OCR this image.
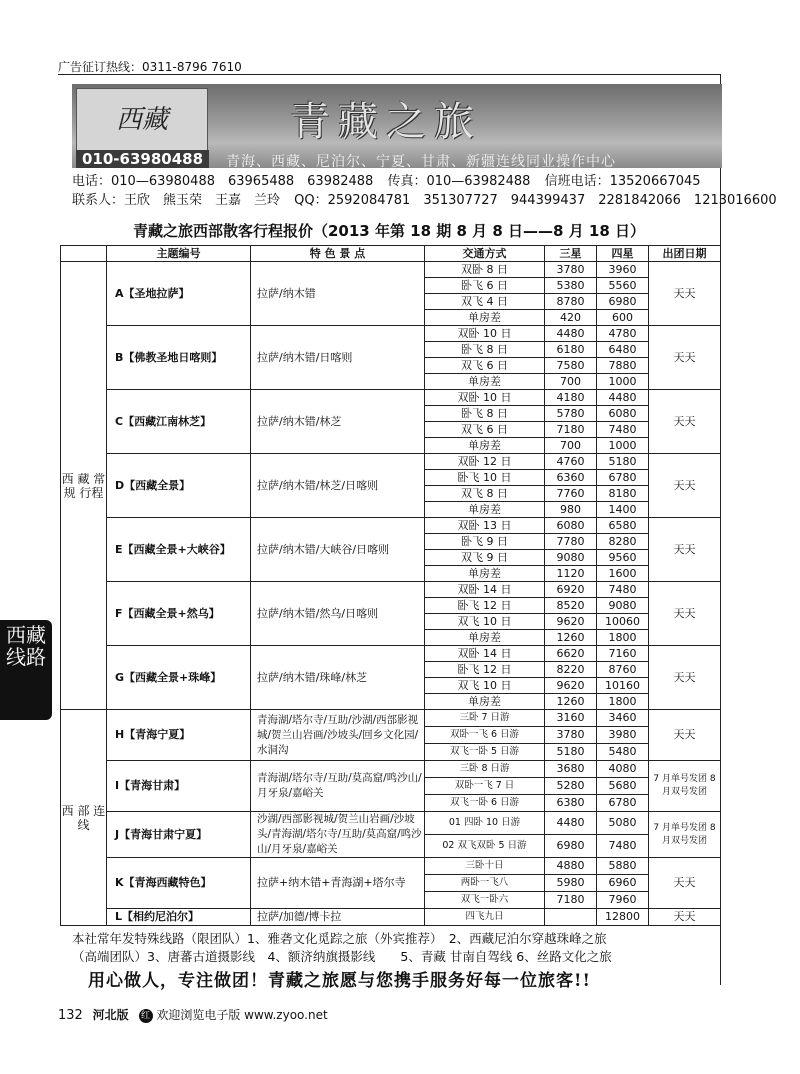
广告征订热线：0311-8796 7610
西藏	青藏之旅
010-63980488	青海、西藏、尼泊尔、宁夏、甘肃、新疆连线同业操作中心
电话：010—63980488　63965488　63982488 传真：010—63982488 信班电话：13520667045
联系人：王欣　熊玉荣　王嘉　兰玲 QQ：2592084781　351307727　944399437　2281842066　1213016600
青藏之旅西部散客行程报价（2013 年第 18 期 8 月 8 日——8 月 18 日）
	主题编号	特 色 景 点	交通方式	三星	四星	出团日期
西 藏 常 规 行程	A【圣地拉萨】	拉萨/纳木错	双卧 8 日	3780	3960	天天
			卧飞 6 日	5380	5560	
			双飞 4 日	8780	6980	
			单房差	420	600	
	B【佛教圣地日喀则】	拉萨/纳木错/日喀则	双卧 10 日	4480	4780	天天
			卧飞 8 日	6180	6480	
			双飞 6 日	7580	7880	
			单房差	700	1000	
	C【西藏江南林芝】	拉萨/纳木错/林芝	双卧 10 日	4180	4480	天天
			卧飞 8 日	5780	6080	
			双飞 6 日	7180	7480	
			单房差	700	1000	
	D【西藏全景】	拉萨/纳木错/林芝/日喀则	双卧 12 日	4760	5180	天天
			卧飞 10 日	6360	6780	
			双飞 8 日	7760	8180	
			单房差	980	1400	
	E【西藏全景+大峡谷】	拉萨/纳木错/大峡谷/日喀则	双卧 13 日	6080	6580	天天
			卧飞 9 日	7780	8280	
			双飞 9 日	9080	9560	
			单房差	1120	1600	
	F【西藏全景+然乌】	拉萨/纳木错/然乌/日喀则	双卧 14 日	6920	7480	天天
			卧飞 12 日	8520	9080	
			双飞 10 日	9620	10060	
			单房差	1260	1800	
	G【西藏全景+珠峰】	拉萨/纳木错/珠峰/林芝	双卧 14 日	6620	7160	天天
			卧飞 12 日	8220	8760	
			双飞 10 日	9620	10160	
			单房差	1260	1800	
西 部 连 线	H【青海宁夏】	青海湖/塔尔寺/互助/沙湖/西部影视城/贺兰山岩画/沙坡头/回乡文化园/水洞沟	三卧 7 日游	3160	3460	天天
			双卧一飞 6 日游	3780	3980	
			双飞一卧 5 日游	5180	5480	
	I【青海甘肃】	青海湖/塔尔寺/互助/莫高窟/鸣沙山/月牙泉/嘉峪关	三卧 8 日游	3680	4080	7 月单号发团 8 月双号发团
			双卧一飞 7 日	5280	5680	
			双飞一卧 6 日游	6380	6780	
	J【青海甘肃宁夏】	沙湖/西部影视城/贺兰山岩画/沙坡头/青海湖/塔尔寺/互助/莫高窟/鸣沙山/月牙泉/嘉峪关	01 四卧 10 日游	4480	5080	7 月单号发团 8 月双号发团
			02 双飞双卧 5 日游	6980	7480	
	K【青海西藏特色】	拉萨+纳木错+青海湖+塔尔寺	三卧十日	4880	5880	天天
			两卧一飞八	5980	6960	
			双飞一卧六	7180	7960	
	L【相约尼泊尔】	拉萨/加德/博卡拉	四飞九日		12800	天天
西藏线路
本社常年发特殊线路（限团队）1、雅砻文化觅踪之旅（外宾推荐）　2、西藏尼泊尔穿越珠峰之旅
（高端团队）3、唐蕃古道摄影线　4、额济纳旗摄影线　　5、青藏 甘南自驾线 6、丝路文化之旅
用心做人，专注做团！青藏之旅愿与您携手服务好每一位旅客!!
132 河北版 红 欢迎浏览电子版 www.zyoo.net
